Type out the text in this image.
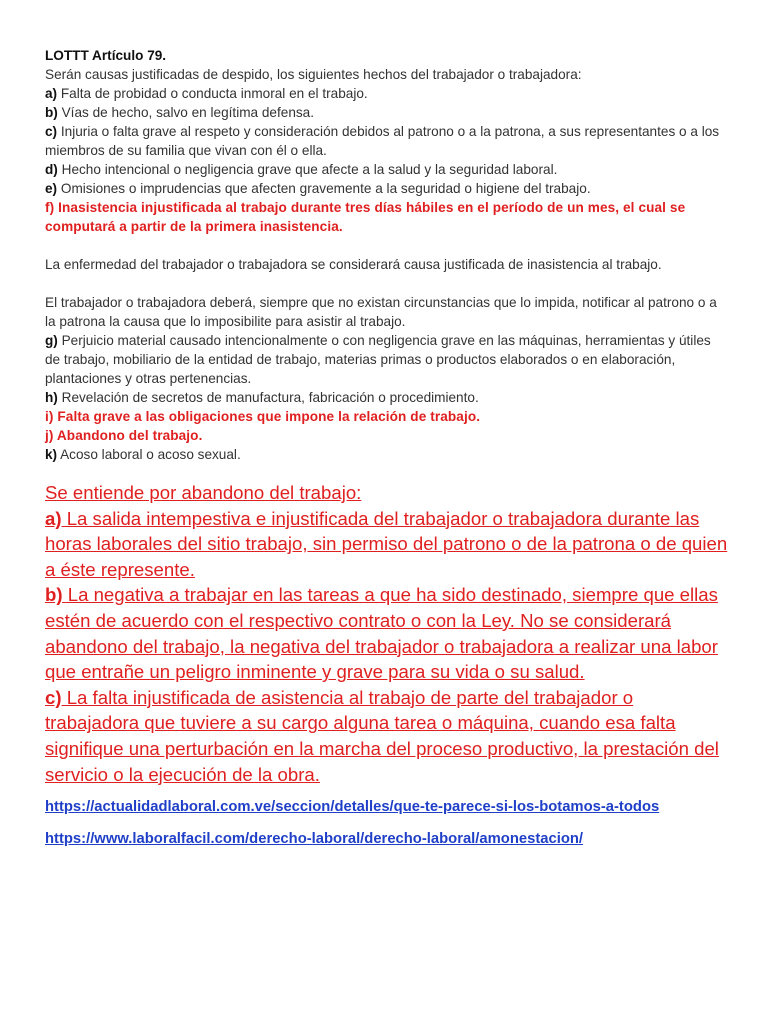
LOTTT Artículo 79.
Serán causas justificadas de despido, los siguientes hechos del trabajador o trabajadora:
a) Falta de probidad o conducta inmoral en el trabajo.
b) Vías de hecho, salvo en legítima defensa.
c) Injuria o falta grave al respeto y consideración debidos al patrono o a la patrona, a sus representantes o a los miembros de su familia que vivan con él o ella.
d) Hecho intencional o negligencia grave que afecte a la salud y la seguridad laboral.
e) Omisiones o imprudencias que afecten gravemente a la seguridad o higiene del trabajo.
f) Inasistencia injustificada al trabajo durante tres días hábiles en el período de un mes, el cual se computará a partir de la primera inasistencia.

La enfermedad del trabajador o trabajadora se considerará causa justificada de inasistencia al trabajo.

El trabajador o trabajadora deberá, siempre que no existan circunstancias que lo impida, notificar al patrono o a la patrona la causa que lo imposibilite para asistir al trabajo.
g) Perjuicio material causado intencionalmente o con negligencia grave en las máquinas, herramientas y útiles de trabajo, mobiliario de la entidad de trabajo, materias primas o productos elaborados o en elaboración, plantaciones y otras pertenencias.
h) Revelación de secretos de manufactura, fabricación o procedimiento.
i) Falta grave a las obligaciones que impone la relación de trabajo.
j) Abandono del trabajo.
k) Acoso laboral o acoso sexual.

Se entiende por abandono del trabajo:
a) La salida intempestiva e injustificada del trabajador o trabajadora durante las horas laborales del sitio trabajo, sin permiso del patrono o de la patrona o de quien a éste represente.
b) La negativa a trabajar en las tareas a que ha sido destinado, siempre que ellas estén de acuerdo con el respectivo contrato o con la Ley. No se considerará abandono del trabajo, la negativa del trabajador o trabajadora a realizar una labor que entrañe un peligro inminente y grave para su vida o su salud.
c) La falta injustificada de asistencia al trabajo de parte del trabajador o trabajadora que tuviere a su cargo alguna tarea o máquina, cuando esa falta signifique una perturbación en la marcha del proceso productivo, la prestación del servicio o la ejecución de la obra.

https://actualidadlaboral.com.ve/seccion/detalles/que-te-parece-si-los-botamos-a-todos
https://www.laboralfacil.com/derecho-laboral/derecho-laboral/amonestacion/
